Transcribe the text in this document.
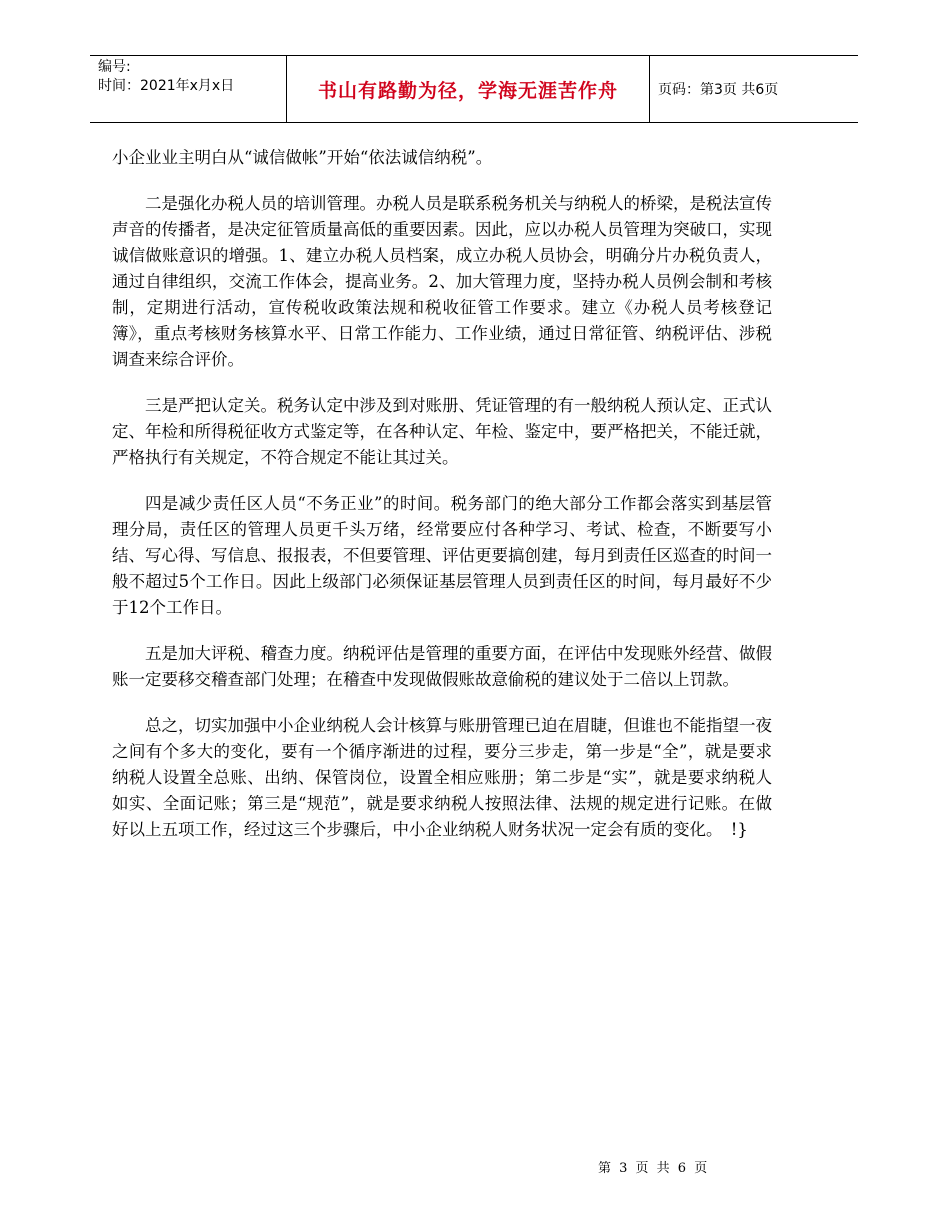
编号:
时间：2021年x月x日	书山有路勤为径，学海无涯苦作舟	页码：第3页 共6页

小企业业主明白从“诚信做帐”开始“依法诚信纳税”。

二是强化办税人员的培训管理。办税人员是联系税务机关与纳税人的桥梁，是税法宣传声音的传播者，是决定征管质量高低的重要因素。因此，应以办税人员管理为突破口，实现诚信做账意识的增强。1、建立办税人员档案，成立办税人员协会，明确分片办税负责人，通过自律组织，交流工作体会，提高业务。2、加大管理力度，坚持办税人员例会制和考核制，定期进行活动，宣传税收政策法规和税收征管工作要求。建立《办税人员考核登记簿》，重点考核财务核算水平、日常工作能力、工作业绩，通过日常征管、纳税评估、涉税调查来综合评价。

三是严把认定关。税务认定中涉及到对账册、凭证管理的有一般纳税人预认定、正式认定、年检和所得税征收方式鉴定等，在各种认定、年检、鉴定中，要严格把关，不能迁就，严格执行有关规定，不符合规定不能让其过关。

四是减少责任区人员“不务正业”的时间。税务部门的绝大部分工作都会落实到基层管理分局，责任区的管理人员更千头万绪，经常要应付各种学习、考试、检查，不断要写小结、写心得、写信息、报报表，不但要管理、评估更要搞创建，每月到责任区巡查的时间一般不超过5个工作日。因此上级部门必须保证基层管理人员到责任区的时间，每月最好不少于12个工作日。

五是加大评税、稽查力度。纳税评估是管理的重要方面，在评估中发现账外经营、做假账一定要移交稽查部门处理；在稽查中发现做假账故意偷税的建议处于二倍以上罚款。

总之，切实加强中小企业纳税人会计核算与账册管理已迫在眉睫，但谁也不能指望一夜之间有个多大的变化，要有一个循序渐进的过程，要分三步走，第一步是“全”，就是要求纳税人设置全总账、出纳、保管岗位，设置全相应账册；第二步是“实”，就是要求纳税人如实、全面记账；第三是“规范”，就是要求纳税人按照法律、法规的规定进行记账。在做好以上五项工作，经过这三个步骤后，中小企业纳税人财务状况一定会有质的变化。　!}

第 3 页 共 6 页
